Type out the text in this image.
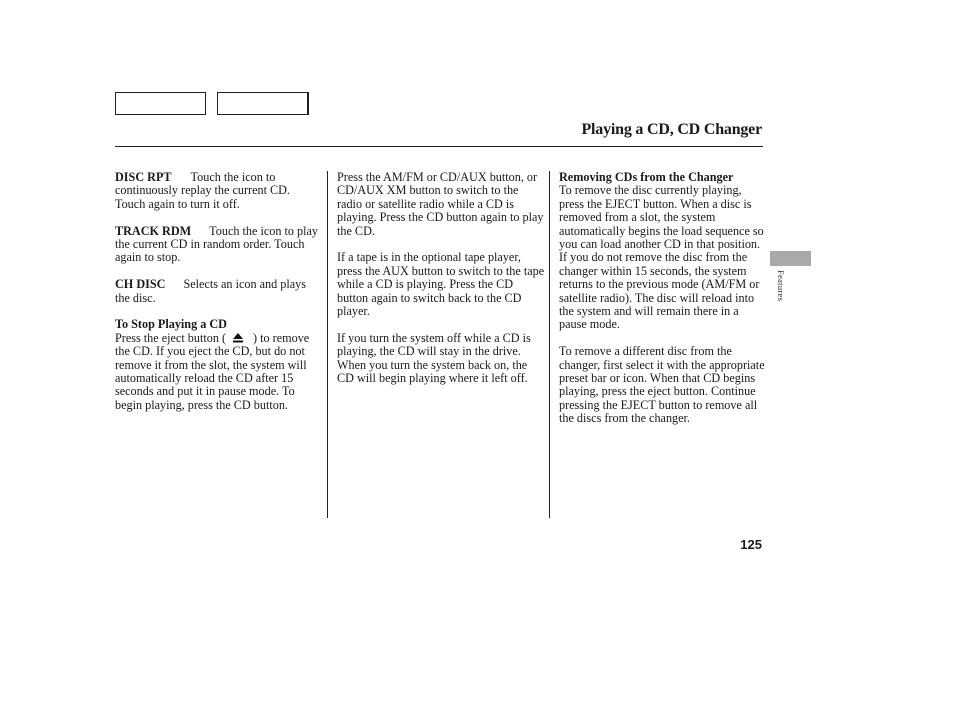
Playing a CD, CD Changer

DISC RPT Touch the icon to continuously replay the current CD. Touch again to turn it off.

TRACK RDM Touch the icon to play the current CD in random order. Touch again to stop.

CH DISC Selects an icon and plays the disc.

To Stop Playing a CD
Press the eject button ( ) to remove the CD. If you eject the CD, but do not remove it from the slot, the system will automatically reload the CD after 15 seconds and put it in pause mode. To begin playing, press the CD button.

Press the AM/FM or CD/AUX button, or CD/AUX XM button to switch to the radio or satellite radio while a CD is playing. Press the CD button again to play the CD.

If a tape is in the optional tape player, press the AUX button to switch to the tape while a CD is playing. Press the CD button again to switch back to the CD player.

If you turn the system off while a CD is playing, the CD will stay in the drive. When you turn the system back on, the CD will begin playing where it left off.

Removing CDs from the Changer
To remove the disc currently playing, press the EJECT button. When a disc is removed from a slot, the system automatically begins the load sequence so you can load another CD in that position. If you do not remove the disc from the changer within 15 seconds, the system returns to the previous mode (AM/FM or satellite radio). The disc will reload into the system and will remain there in a pause mode.

To remove a different disc from the changer, first select it with the appropriate preset bar or icon. When that CD begins playing, press the eject button. Continue pressing the EJECT button to remove all the discs from the changer.

Features
125
